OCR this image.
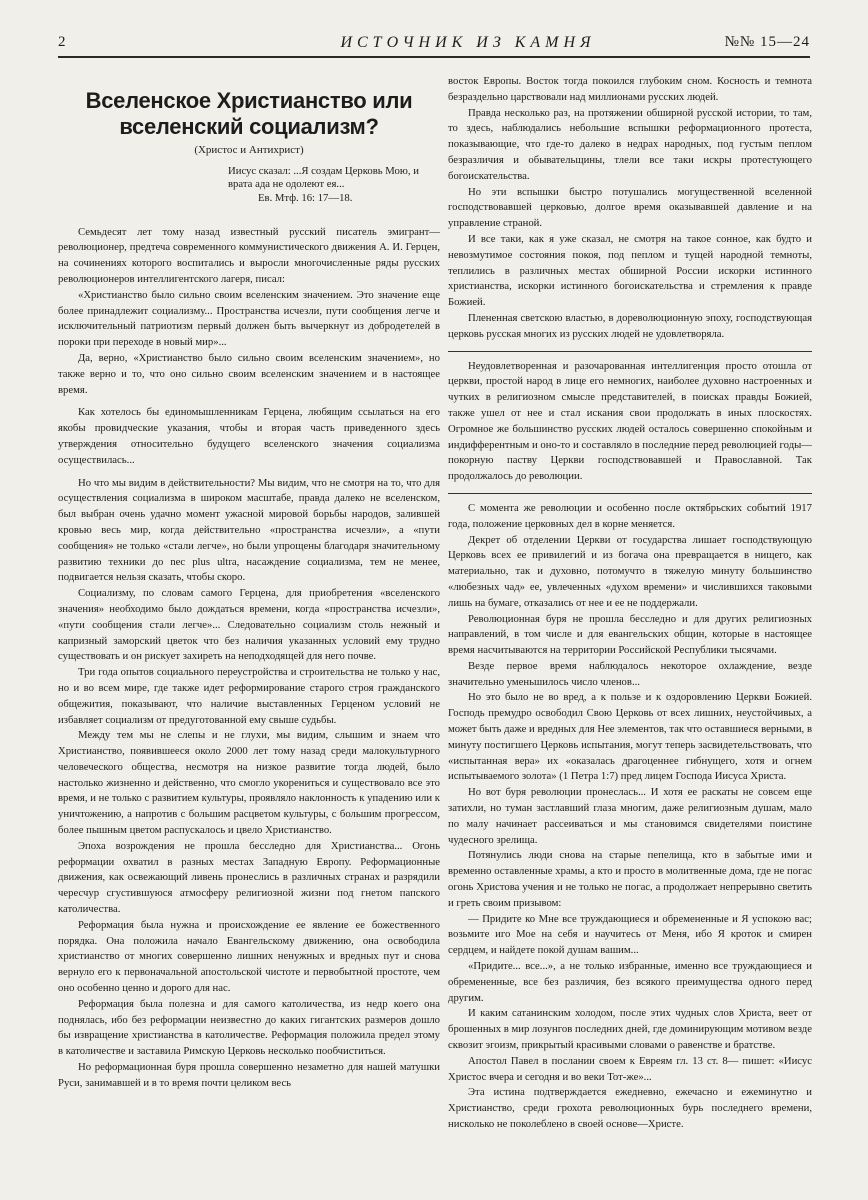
2	ИСТОЧНИК ИЗ КАМНЯ	№№ 15—24
Вселенское Христианство или вселенский социализм?
(Христос и Антихрист)
Иисус сказал: ...Я создам Церковь Мою, и врата ада не одолеют ея...
Ев. Мтф. 16: 17—18.

Семьдесят лет тому назад известный русский писатель эмигрант—революционер, предтеча современного коммунистического движения А. И. Герцен, на сочинениях которого воспитались и выросли многочисленные ряды русских революционеров интеллигентского лагеря, писал:

«Христианство было сильно своим вселенским значением. Это значение еще более принадлежит социализму... Пространства исчезли, пути сообщения легче и исключительный патриотизм первый должен быть вычеркнут из добродетелей в пороки при переходе в новый мир»...

Да, верно, «Христианство было сильно своим вселенским значением», но также верно и то, что оно сильно своим вселенским значением и в настоящее время.

Как хотелось бы единомышленникам Герцена, любящим ссылаться на его якобы провидческие указания, чтобы и вторая часть приведенного здесь утверждения относительно будущего вселенского значения социализма осуществилась...

Но что мы видим в действительности? Мы видим, что не смотря на то, что для осуществления социализма в широком масштабе, правда далеко не вселенском, был выбран очень удачно момент ужасной мировой борьбы народов, залившей кровью весь мир, когда действительно «пространства исчезли», а «пути сообщения» не только «стали легче», но были упрощены благодаря значительному развитию техники до nec plus ultra, насаждение социализма, тем не менее, подвигается нельзя сказать, чтобы скоро.

Социализму, по словам самого Герцена, для приобретения «вселенского значения» необходимо было дождаться времени, когда «пространства исчезли», «пути сообщения стали легче»... Следовательно социализм столь нежный и капризный заморский цветок что без наличия указанных условий ему трудно существовать и он рискует захиреть на неподходящей для него почве.

Три года опытов социального переустройства и строительства не только у нас, но и во всем мире, где также идет реформирование старого строя гражданского общежития, показывают, что наличие выставленных Герценом условий не избавляет социализм от предуготованной ему свыше судьбы.

Между тем мы не слепы и не глухи, мы видим, слышим и знаем что Христианство, появившееся около 2000 лет тому назад среди малокультурного человеческого общества, несмотря на низкое развитие тогда людей, было настолько жизненно и действенно, что смогло укорениться и существовало все это время, и не только с развитием культуры, проявляло наклонность к упадению или к уничтожению, а напротив с большим расцветом культуры, с большим прогрессом, более пышным цветом распускалось и цвело Христианство.

Эпоха возрождения не прошла бесследно для Христианства... Огонь реформации охватил в разных местах Западную Европу. Реформационные движения, как освежающий ливень пронеслись в различных странах и разрядили чересчур сгустившуюся атмосферу религиозной жизни под гнетом папского католичества.

Реформация была нужна и происхождение ее явление ее божественного порядка. Она положила начало Евангельскому движению, она освободила христианство от многих совершенно лишних ненужных и вредных пут и снова вернуло его к первоначальной апостольской чистоте и первобытной простоте, чем оно особенно ценно и дорого для нас.

Реформация была полезна и для самого католичества, из недр коего она поднялась, ибо без реформации неизвестно до каких гигантских размеров дошло бы извращение христианства в католичестве. Реформация положила предел этому в католичестве и заставила Римскую Церковь несколько пообчиститься.

Но реформационная буря прошла совершенно незаметно для нашей матушки Руси, занимавшей и в то время почти целиком весь

восток Европы. Восток тогда покоился глубоким сном. Косность и темнота безраздельно царствовали над миллионами русских людей.

Правда несколько раз, на протяжении обширной русской истории, то там, то здесь, наблюдались небольшие вспышки реформационного протеста, показывающие, что где-то далеко в недрах народных, под густым пеплом безразличия и обывательщины, тлели все таки искры протестующего богоискательства.

Но эти вспышки быстро потушались могущественной вселенной господствовавшей церковью, долгое время оказывавшей давление и на управление страной.

И все таки, как я уже сказал, не смотря на такое сонное, как будто и невозмутимое состояния покоя, под пеплом и тущей народной темноты, теплились в различных местах обширной России искорки истинного христианства, искорки истинного богоискательства и стремления к правде Божией.

Плененная светскою властью, в дореволюционную эпоху, господствующая церковь русская многих из русских людей не удовлетворяла.

Неудовлетворенная и разочарованная интеллигенция просто отошла от церкви, простой народ в лице его немногих, наиболее духовно настроенных и чутких в религиозном смысле представителей, в поисках правды Божией, также ушел от нее и стал искания свои продолжать в иных плоскостях. Огромное же большинство русских людей осталось совершенно спокойным и индифферентным и оно-то и составляло в последние перед революцией годы—покорную паству Церкви господствовавшей и Православной. Так продолжалось до революции.

С момента же революции и особенно после октябрьских событий 1917 года, положение церковных дел в корне меняется.

Декрет об отделении Церкви от государства лишает господствующую Церковь всех ее привилегий и из богача она превращается в нищего, как материально, так и духовно, потомучто в тяжелую минуту большинство «любезных чад» ее, увлеченных «духом времени» и числившихся таковыми лишь на бумаге, отказались от нее и ее не поддержали.

Революционная буря не прошла бесследно и для других религиозных направлений, в том числе и для евангельских общин, которые в настоящее время насчитываются на территории Российской Республики тысячами.

Везде первое время наблюдалось некоторое охлаждение, везде значительно уменьшилось число членов...

Но это было не во вред, а к пользе и к оздоровлению Церкви Божией. Господь премудро освободил Свою Церковь от всех лишних, неустойчивых, а может быть даже и вредных для Нее элементов, так что оставшиеся верными, в минуту постигшего Церковь испытания, могут теперь засвидетельствовать, что «испытанная вера» их «оказалась драгоценнее гибнущего, хотя и огнем испытываемого золота» (1 Петра 1:7) пред лицем Господа Иисуса Христа.

Но вот буря революции пронеслась... И хотя ее раскаты не совсем еще затихли, но туман застлавший глаза многим, даже религиозным душам, мало по малу начинает рассеиваться и мы становимся свидетелями поистине чудесного зрелища.

Потянулись люди снова на старые пепелища, кто в забытые ими и временно оставленные храмы, а кто и просто в молитвенные дома, где не погас огонь Христова учения и не только не погас, а продолжает непрерывно светить и греть своим призывом:

— Придите ко Мне все труждающиеся и обремененные и Я успокою вас; возьмите иго Мое на себя и научитесь от Меня, ибо Я кроток и смирен сердцем, и найдете покой душам вашим...

«Придите... все...», а не только избранные, именно все труждающиеся и обремененные, все без различия, без всякого преимущества одного перед другим.

И каким сатанинским холодом, после этих чудных слов Христа, веет от брошенных в мир лозунгов последних дней, где доминирующим мотивом везде сквозит эгоизм, прикрытый красивыми словами о равенстве и братстве.

Апостол Павел в послании своем к Евреям гл. 13 ст. 8— пишет: «Иисус Христос вчера и сегодня и во веки Тот-же»...

Эта истина подтверждается ежедневно, ежечасно и ежеминутно и Христианство, среди грохота революционных бурь последнего времени, нисколько не поколеблено в своей основе—Христе.
